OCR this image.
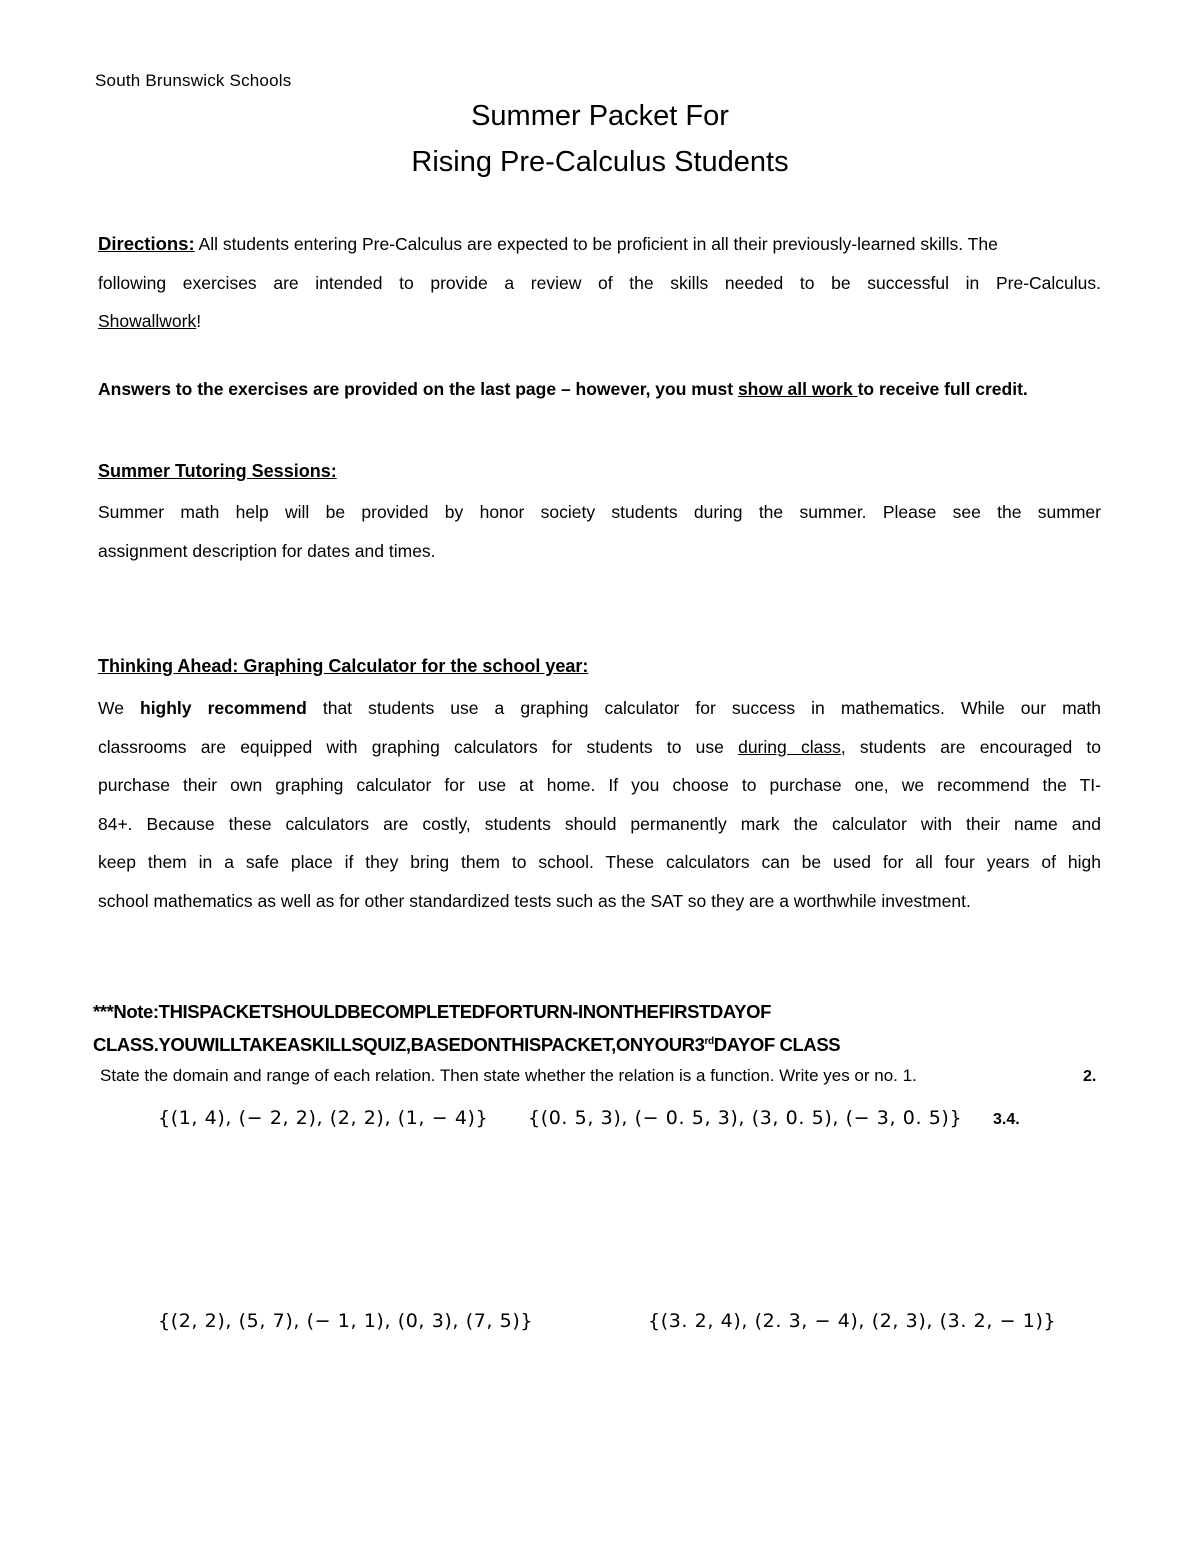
South Brunswick Schools
Summer Packet For
Rising Pre-Calculus Students
Directions: All students entering Pre-Calculus are expected to be proficient in all their previously-learned skills. The
following exercises are intended to provide a review of the skills needed to be successful in Pre-Calculus.
Showallwork!
Answers to the exercises are provided on the last page – however, you must show all work to receive full credit.
Summer Tutoring Sessions:
Summer math help will be provided by honor society students during the summer. Please see the summer
assignment description for dates and times.
Thinking Ahead: Graphing Calculator for the school year:
We highly recommend that students use a graphing calculator for success in mathematics. While our math
classrooms are equipped with graphing calculators for students to use during class, students are encouraged to
purchase their own graphing calculator for use at home. If you choose to purchase one, we recommend the TI-
84+. Because these calculators are costly, students should permanently mark the calculator with their name and
keep them in a safe place if they bring them to school. These calculators can be used for all four years of high
school mathematics as well as for other standardized tests such as the SAT so they are a worthwhile investment.
***Note:THISPACKETSHOULDBECOMPLETEDFORTURN-INONTHEFIRSTDAYOF
CLASS.YOUWILLTAKEASKILLSQUIZ,BASEDONTHISPACKET,ONYOUR3rdDAYOF CLASS
State the domain and range of each relation. Then state whether the relation is a function. Write yes or no. 1.	2.
{(1, 4), (− 2, 2), (2, 2), (1, − 4)} {(0. 5, 3), (− 0. 5, 3), (3, 0. 5), (− 3, 0. 5)} 3.4.
{(2, 2), (5, 7), (− 1, 1), (0, 3), (7, 5)}	{(3. 2, 4), (2. 3, − 4), (2, 3), (3. 2, − 1)}
